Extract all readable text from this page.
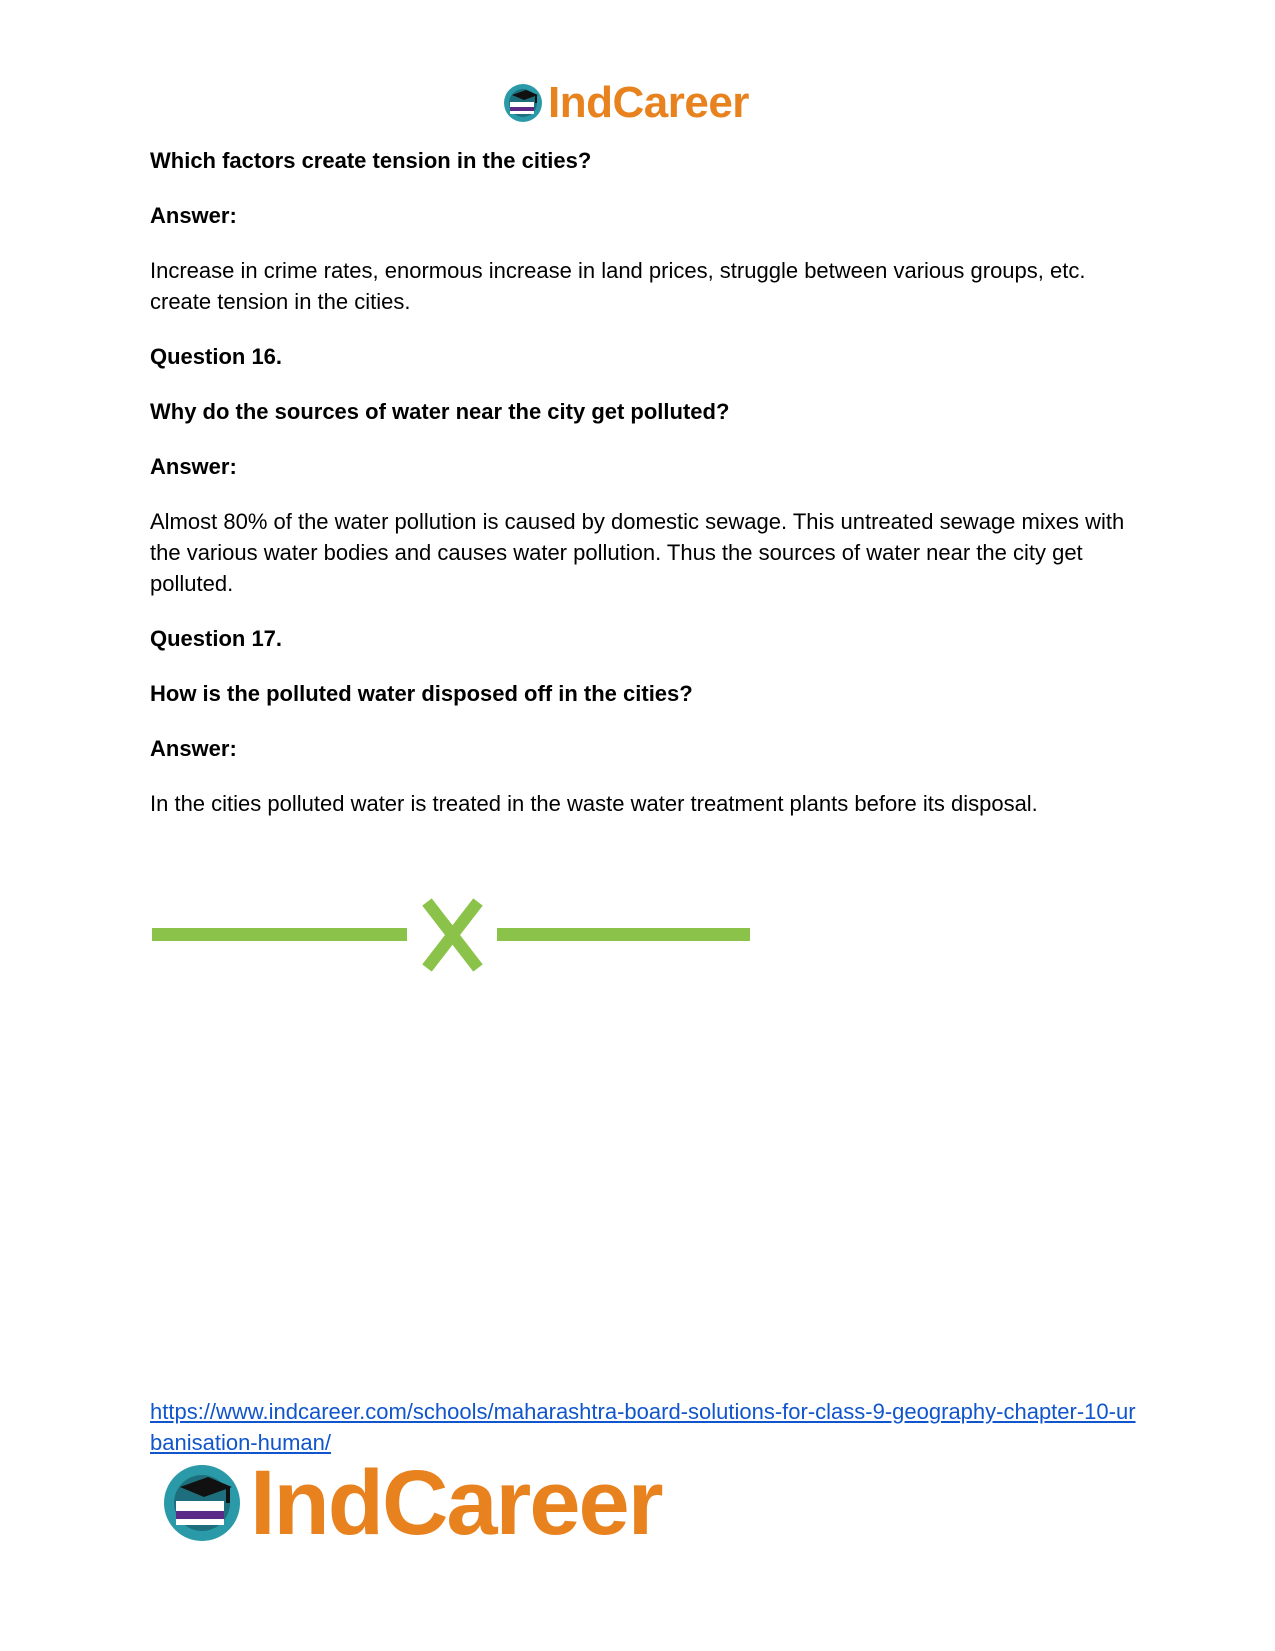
IndCareer

Which factors create tension in the cities?

Answer:

Increase in crime rates, enormous increase in land prices, struggle between various groups, etc. create tension in the cities.

Question 16.

Why do the sources of water near the city get polluted?

Answer:

Almost 80% of the water pollution is caused by domestic sewage. This untreated sewage mixes with the various water bodies and causes water pollution. Thus the sources of water near the city get polluted.

Question 17.

How is the polluted water disposed off in the cities?

Answer:

In the cities polluted water is treated in the waste water treatment plants before its disposal.

https://www.indcareer.com/schools/maharashtra-board-solutions-for-class-9-geography-chapter-10-urbanisation-human/
IndCareer
